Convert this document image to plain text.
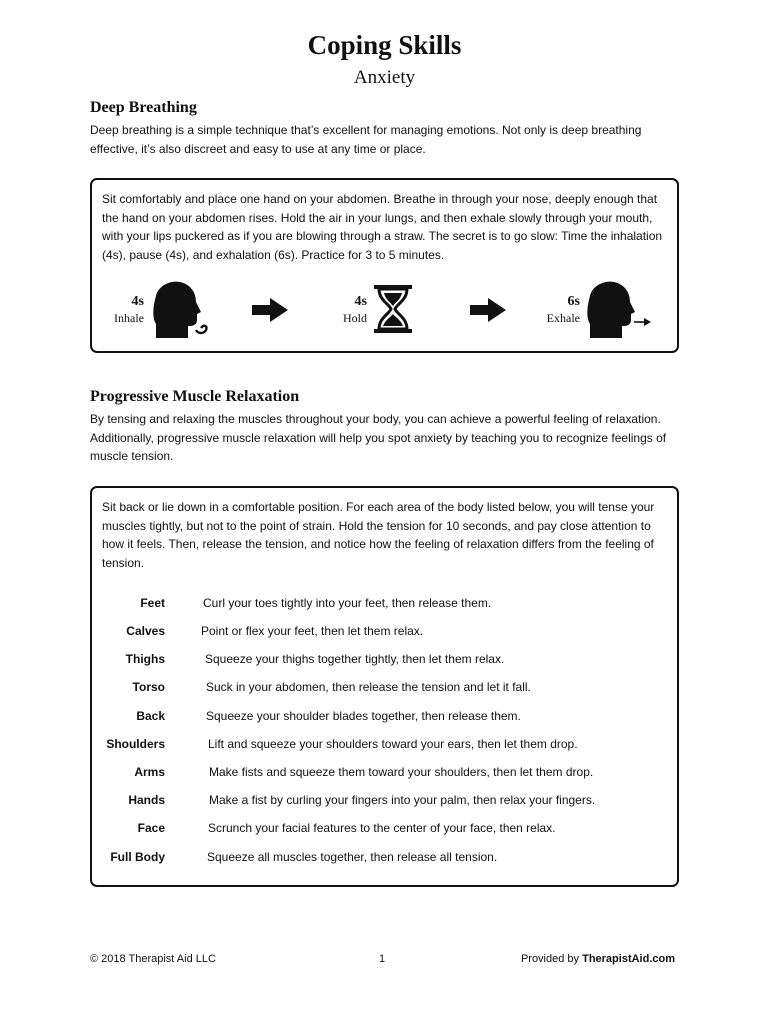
Coping Skills
Anxiety
Deep Breathing
Deep breathing is a simple technique that’s excellent for managing emotions. Not only is deep breathing effective, it’s also discreet and easy to use at any time or place.
Sit comfortably and place one hand on your abdomen. Breathe in through your nose, deeply enough that the hand on your abdomen rises. Hold the air in your lungs, and then exhale slowly through your mouth, with your lips puckered as if you are blowing through a straw. The secret is to go slow: Time the inhalation (4s), pause (4s), and exhalation (6s). Practice for 3 to 5 minutes.
4s
Inhale
4s
Hold
6s
Exhale
Progressive Muscle Relaxation
By tensing and relaxing the muscles throughout your body, you can achieve a powerful feeling of relaxation. Additionally, progressive muscle relaxation will help you spot anxiety by teaching you to recognize feelings of muscle tension.
Sit back or lie down in a comfortable position. For each area of the body listed below, you will tense your muscles tightly, but not to the point of strain. Hold the tension for 10 seconds, and pay close attention to how it feels. Then, release the tension, and notice how the feeling of relaxation differs from the feeling of tension.
Feet	Curl your toes tightly into your feet, then release them.
Calves	Point or flex your feet, then let them relax.
Thighs	Squeeze your thighs together tightly, then let them relax.
Torso	Suck in your abdomen, then release the tension and let it fall.
Back	Squeeze your shoulder blades together, then release them.
Shoulders	Lift and squeeze your shoulders toward your ears, then let them drop.
Arms	Make fists and squeeze them toward your shoulders, then let them drop.
Hands	Make a fist by curling your fingers into your palm, then relax your fingers.
Face	Scrunch your facial features to the center of your face, then relax.
Full Body	Squeeze all muscles together, then release all tension.
© 2018 Therapist Aid LLC	1	Provided by TherapistAid.com
